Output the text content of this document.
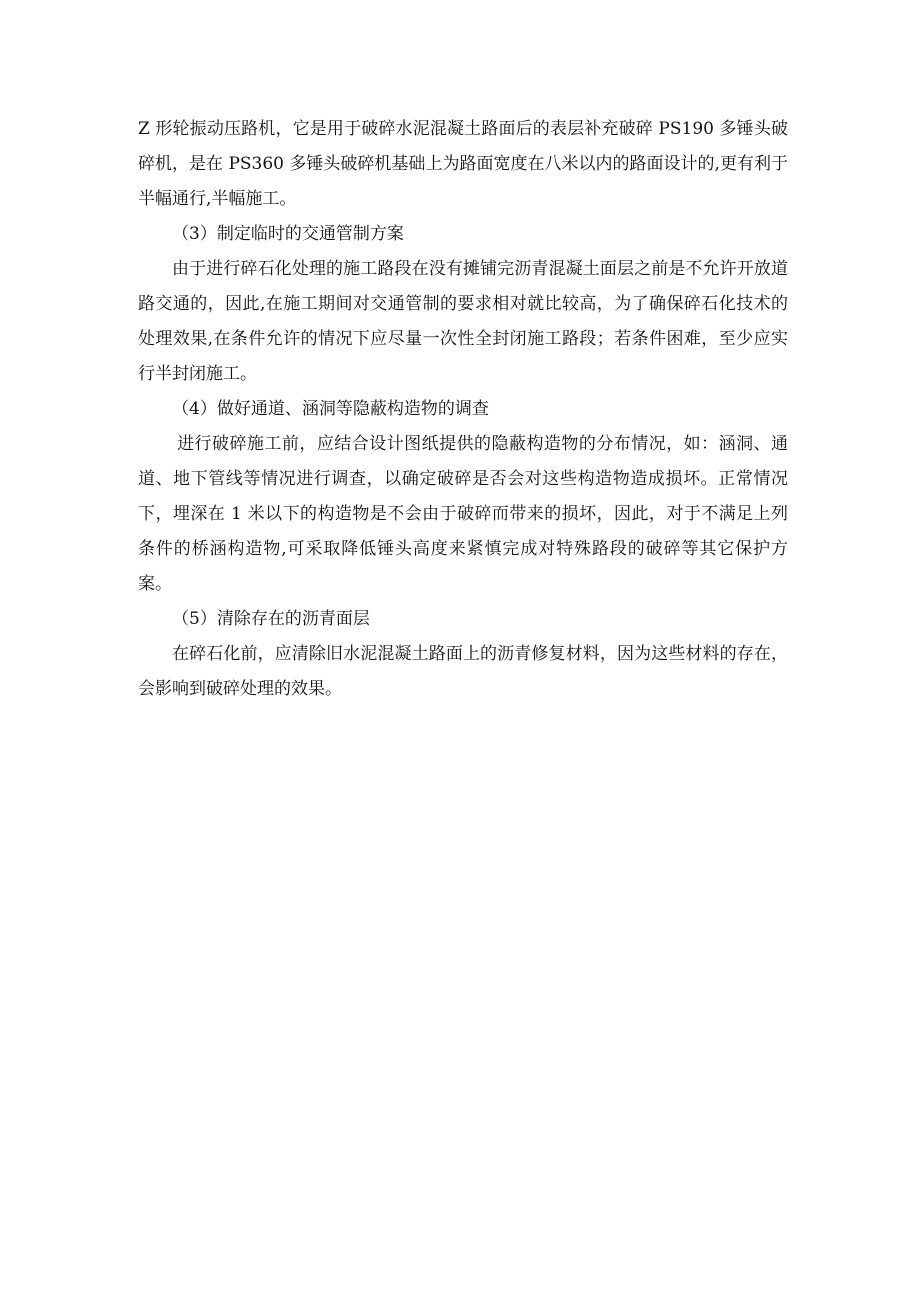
Z 形轮振动压路机，它是用于破碎水泥混凝土路面后的表层补充破碎 PS190 多锤头破碎机，是在 PS360 多锤头破碎机基础上为路面宽度在八米以内的路面设计的,更有利于半幅通行,半幅施工。

（3）制定临时的交通管制方案

由于进行碎石化处理的施工路段在没有摊铺完沥青混凝土面层之前是不允许开放道路交通的，因此,在施工期间对交通管制的要求相对就比较高，为了确保碎石化技术的处理效果,在条件允许的情况下应尽量一次性全封闭施工路段；若条件困难，至少应实行半封闭施工。

（4）做好通道、涵洞等隐蔽构造物的调查

进行破碎施工前，应结合设计图纸提供的隐蔽构造物的分布情况，如：涵洞、通道、地下管线等情况进行调查，以确定破碎是否会对这些构造物造成损坏。正常情况下，埋深在 1 米以下的构造物是不会由于破碎而带来的损坏，因此，对于不满足上列条件的桥涵构造物,可采取降低锤头高度来紧慎完成对特殊路段的破碎等其它保护方案。

（5）清除存在的沥青面层

在碎石化前，应清除旧水泥混凝土路面上的沥青修复材料，因为这些材料的存在，会影响到破碎处理的效果。
